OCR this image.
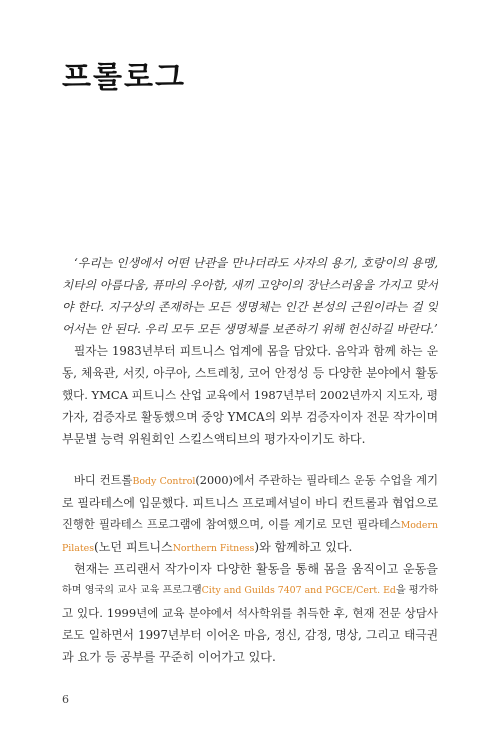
프롤로그
‘우리는 인생에서 어떤 난관을 만나더라도 사자의 용기, 호랑이의 용맹,
치타의 아름다움, 퓨마의 우아함, 새끼 고양이의 장난스러움을 가지고 맞서
야 한다. 지구상의 존재하는 모든 생명체는 인간 본성의 근원이라는 걸 잊
어서는 안 된다. 우리 모두 모든 생명체를 보존하기 위해 헌신하길 바란다.’
필자는 1983년부터 피트니스 업계에 몸을 담았다. 음악과 함께 하는 운
동, 체육관, 서킷, 아쿠아, 스트레칭, 코어 안정성 등 다양한 분야에서 활동
했다. YMCA 피트니스 산업 교육에서 1987년부터 2002년까지 지도자, 평
가자, 검증자로 활동했으며 중앙 YMCA의 외부 검증자이자 전문 작가이며
부문별 능력 위원회인 스킬스액티브의 평가자이기도 하다.
바디 컨트롤Body Control(2000)에서 주관하는 필라테스 운동 수업을 계기
로 필라테스에 입문했다. 피트니스 프로페셔널이 바디 컨트롤과 협업으로
진행한 필라테스 프로그램에 참여했으며, 이를 계기로 모던 필라테스Modern
Pilates(노던 피트니스Northern Fitness)와 함께하고 있다.
현재는 프리랜서 작가이자 다양한 활동을 통해 몸을 움직이고 운동을
하며 영국의 교사 교육 프로그램City and Guilds 7407 and PGCE/Cert. Ed을 평가하
고 있다. 1999년에 교육 분야에서 석사학위를 취득한 후, 현재 전문 상담사
로도 일하면서 1997년부터 이어온 마음, 정신, 감정, 명상, 그리고 태극권
과 요가 등 공부를 꾸준히 이어가고 있다.
6
